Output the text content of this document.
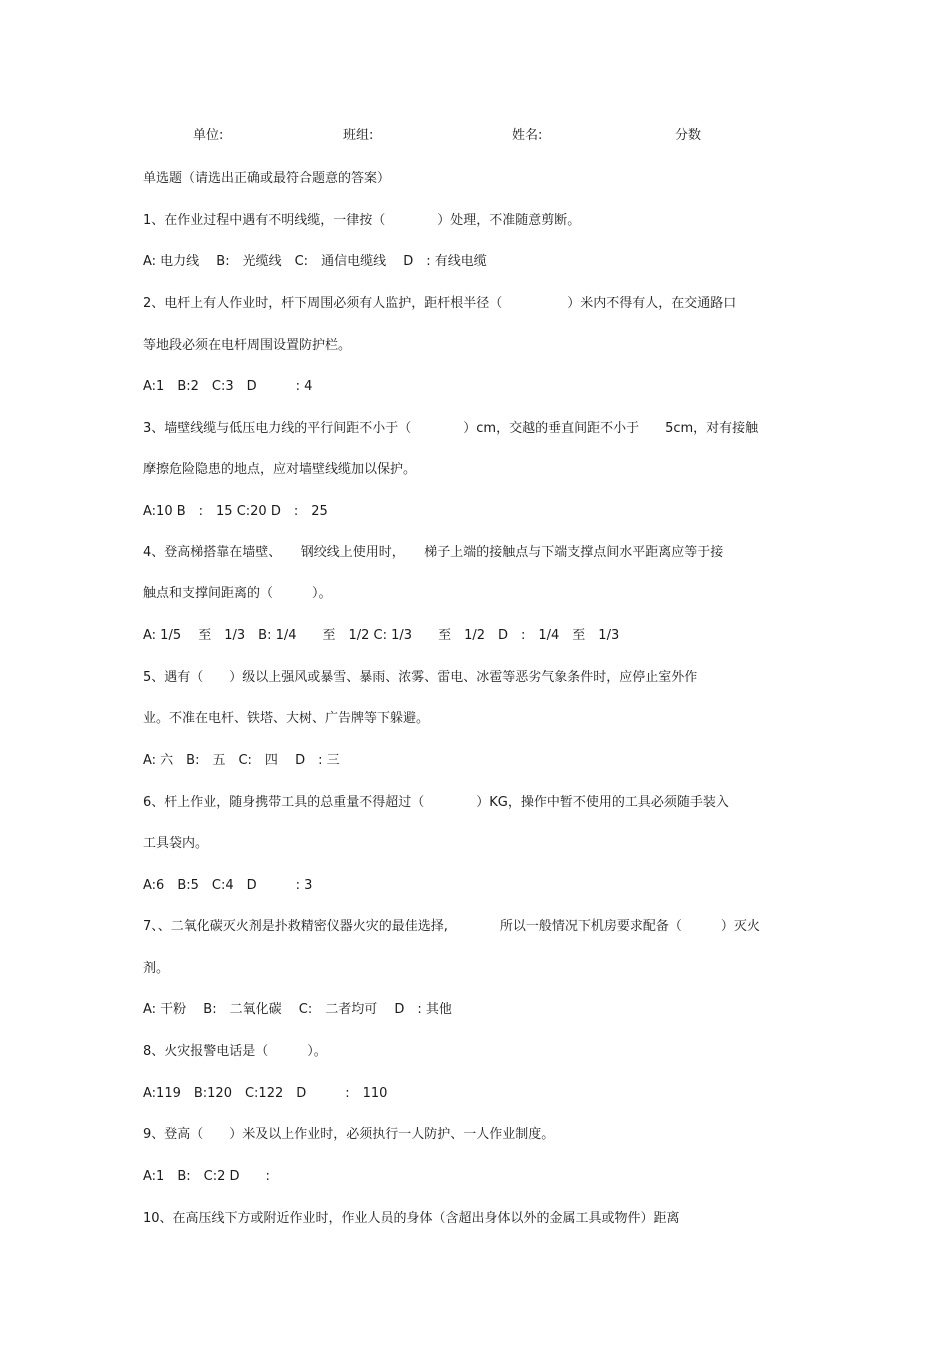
单位:	班组:	姓名:	分数
单选题（请选出正确或最符合题意的答案）
1、在作业过程中遇有不明线缆，一律按（　　　　）处理，不准随意剪断。
A: 电力线　 B:　光缆线　C:　通信电缆线　 D　: 有线电缆
2、电杆上有人作业时，杆下周围必须有人监护，距杆根半径（　　　　　）米内不得有人，在交通路口
等地段必须在电杆周围设置防护栏。
A:1　B:2　C:3　D　　　: 4
3、墙壁线缆与低压电力线的平行间距不小于（　　　　）cm，交越的垂直间距不小于　　5cm，对有接触
摩擦危险隐患的地点，应对墙壁线缆加以保护。
A:10 B　:　15 C:20 D　:　25
4、登高梯搭靠在墙壁、　　钢绞线上使用时，　　梯子上端的接触点与下端支撑点间水平距离应等于接
触点和支撑间距离的（　　　）。
A: 1/5　 至　1/3　B: 1/4　　至　1/2 C: 1/3　　至　1/2　D　:　1/4　至　1/3
5、遇有（　　）级以上强风或暴雪、暴雨、浓雾、雷电、冰雹等恶劣气象条件时，应停止室外作
业。不准在电杆、铁塔、大树、广告牌等下躲避。
A: 六　B:　五　C:　四　 D　: 三
6、杆上作业，随身携带工具的总重量不得超过（　　　　）KG，操作中暂不使用的工具必须随手装入
工具袋内。
A:6　B:5　C:4　D　　　: 3
7、、二氧化碳灭火剂是扑救精密仪器火灾的最佳选择,　　　　所以一般情况下机房要求配备（　　　）灭火
剂。
A: 干粉　 B:　二氧化碳　 C:　二者均可　 D　: 其他
8、火灾报警电话是（　　　）。
A:119　B:120　C:122　D　　　:　110
9、登高（　　）米及以上作业时，必须执行一人防护、一人作业制度。
A:1　B:　C:2 D　　:
10、在高压线下方或附近作业时，作业人员的身体（含超出身体以外的金属工具或物件）距离
